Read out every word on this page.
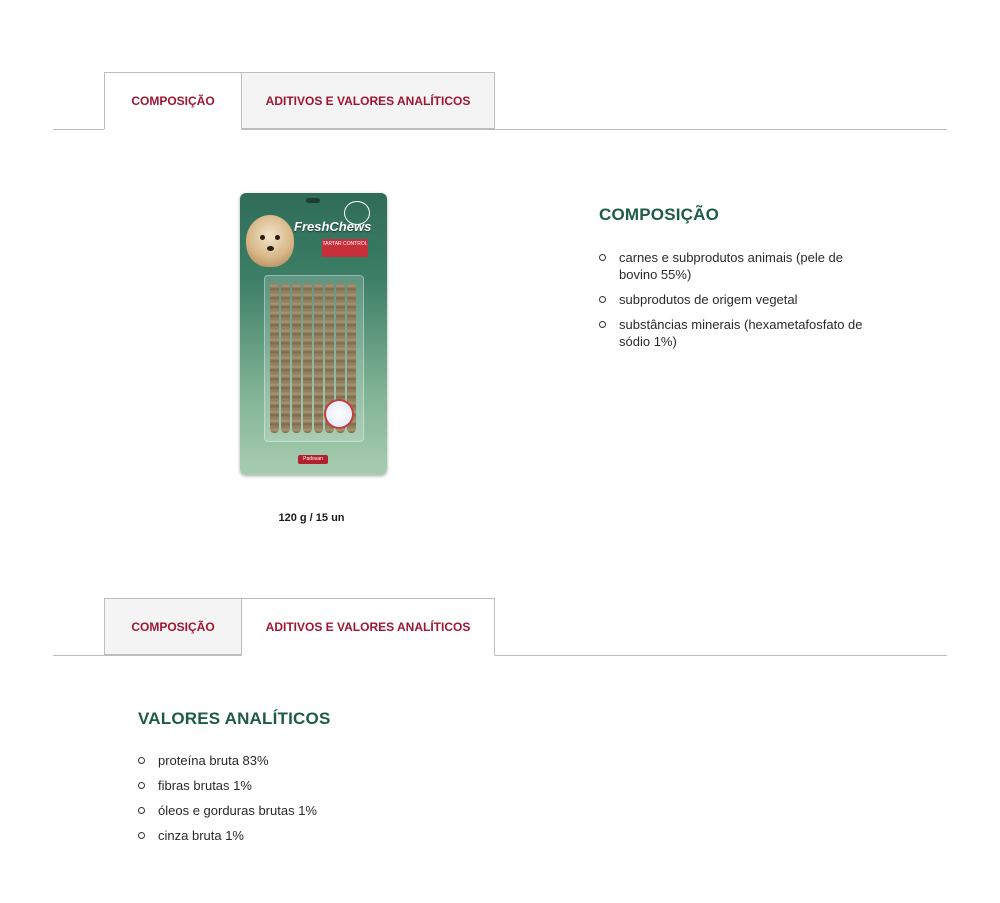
COMPOSIÇÃO	ADITIVOS E VALORES ANALÍTICOS
FreshChews
TARTAR CONTROL
Padovan
120 g / 15 un
COMPOSIÇÃO
carnes e subprodutos animais (pele de bovino 55%)
subprodutos de origem vegetal
substâncias minerais (hexametafosfato de sódio 1%)
COMPOSIÇÃO	ADITIVOS E VALORES ANALÍTICOS
VALORES ANALÍTICOS
proteína bruta 83%
fibras brutas 1%
óleos e gorduras brutas 1%
cinza bruta 1%
